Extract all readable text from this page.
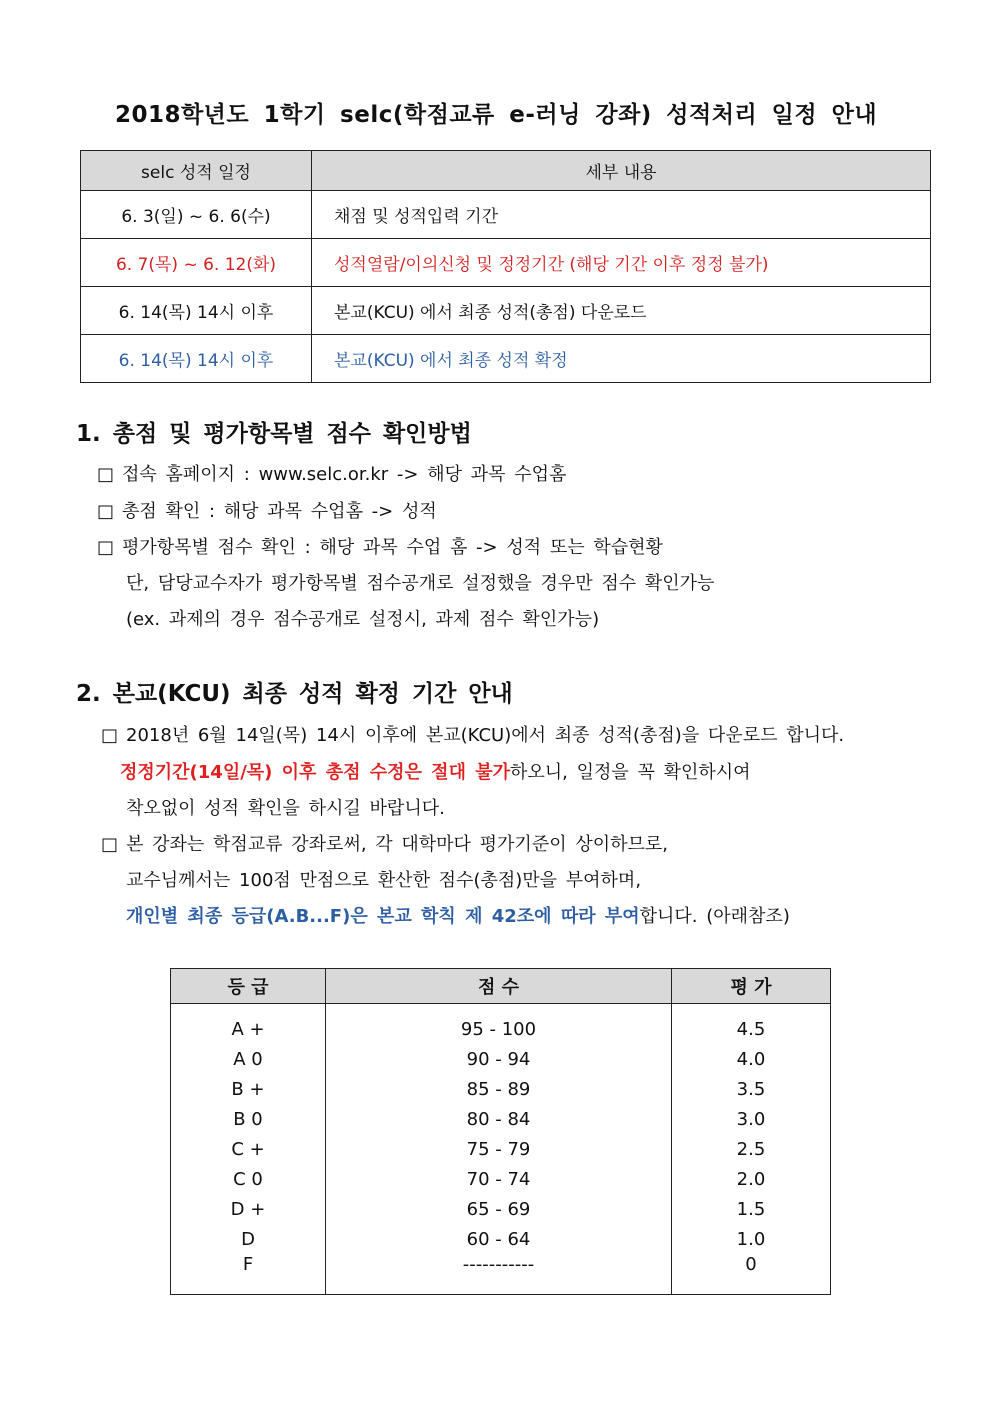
2018학년도 1학기 selc(학점교류 e-러닝 강좌) 성적처리 일정 안내
selc 성적 일정	세부 내용
6. 3(일) ~ 6. 6(수)	채점 및 성적입력 기간
6. 7(목) ~ 6. 12(화)	성적열람/이의신청 및 정정기간 (해당 기간 이후 정정 불가)
6. 14(목) 14시 이후	본교(KCU) 에서 최종 성적(총점) 다운로드
6. 14(목) 14시 이후	본교(KCU) 에서 최종 성적 확정
1. 총점 및 평가항목별 점수 확인방법
□ 접속 홈페이지 : www.selc.or.kr -> 해당 과목 수업홈
□ 총점 확인 : 해당 과목 수업홈 -> 성적
□ 평가항목별 점수 확인 : 해당 과목 수업 홈 -> 성적 또는 학습현황
단, 담당교수자가 평가항목별 점수공개로 설정했을 경우만 점수 확인가능
(ex. 과제의 경우 점수공개로 설정시, 과제 점수 확인가능)
2. 본교(KCU) 최종 성적 확정 기간 안내
□ 2018년 6월 14일(목) 14시 이후에 본교(KCU)에서 최종 성적(총점)을 다운로드 합니다.
정정기간(14일/목) 이후 총점 수정은 절대 불가하오니, 일정을 꼭 확인하시여
착오없이 성적 확인을 하시길 바랍니다.
□ 본 강좌는 학점교류 강좌로써, 각 대학마다 평가기준이 상이하므로,
교수님께서는 100점 만점으로 환산한 점수(총점)만을 부여하며,
개인별 최종 등급(A.B...F)은 본교 학칙 제 42조에 따라 부여합니다. (아래참조)
등 급	점 수	평 가
A +	95 - 100	4.5
A 0	90 - 94	4.0
B +	85 - 89	3.5
B 0	80 - 84	3.0
C +	75 - 79	2.5
C 0	70 - 74	2.0
D +	65 - 69	1.5
D	60 - 64	1.0
F	-----------	0
